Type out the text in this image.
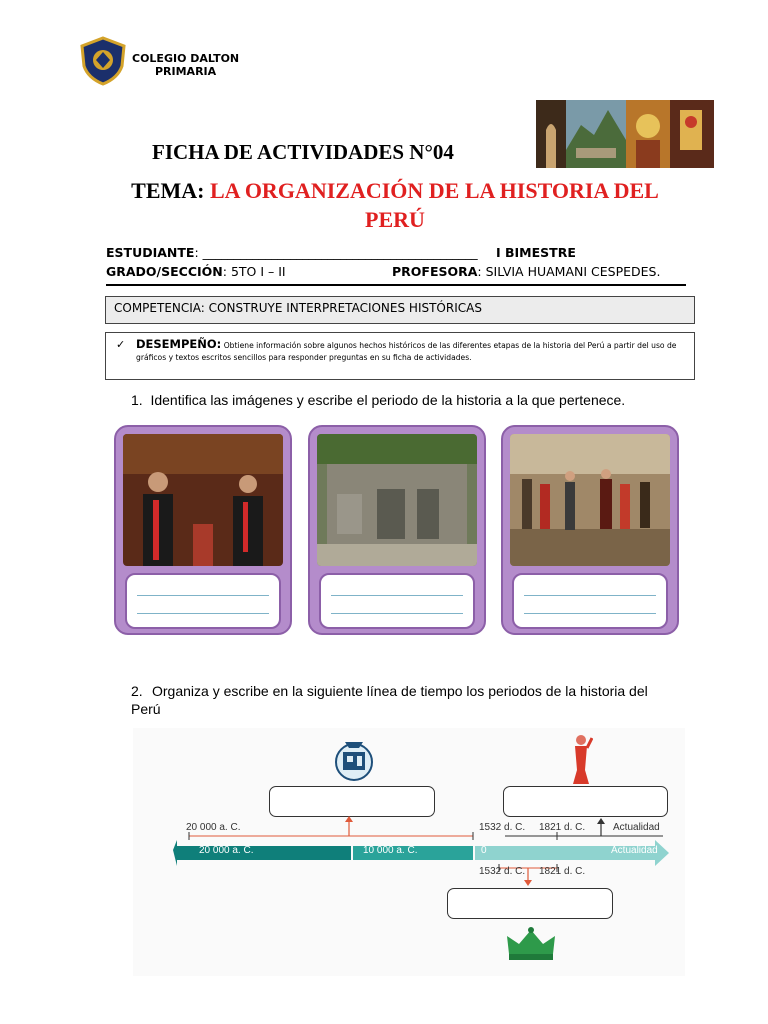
COLEGIO DALTON
PRIMARIA
FICHA DE ACTIVIDADES N°04
TEMA: LA ORGANIZACIÓN DE LA HISTORIA DEL PERÚ
ESTUDIANTE: ____________________________________________ I BIMESTRE
GRADO/SECCIÓN: 5TO I – II	PROFESORA: SILVIA HUAMANI CESPEDES.
COMPETENCIA: CONSTRUYE INTERPRETACIONES HISTÓRICAS
✓ DESEMPEÑO: Obtiene información sobre algunos hechos históricos de las diferentes etapas de la historia del Perú a partir del uso de gráficos y textos escritos sencillos para responder preguntas en su ficha de actividades.
1. Identifica las imágenes y escribe el periodo de la historia a la que pertenece.
2. Organiza y escribe en la siguiente línea de tiempo los periodos de la historia del Perú
20 000 a. C.	1532 d. C. 1821 d. C.	Actualidad
20 000 a. C.	10 000 a. C.	0	Actualidad
1532 d. C. 1821 d. C.
